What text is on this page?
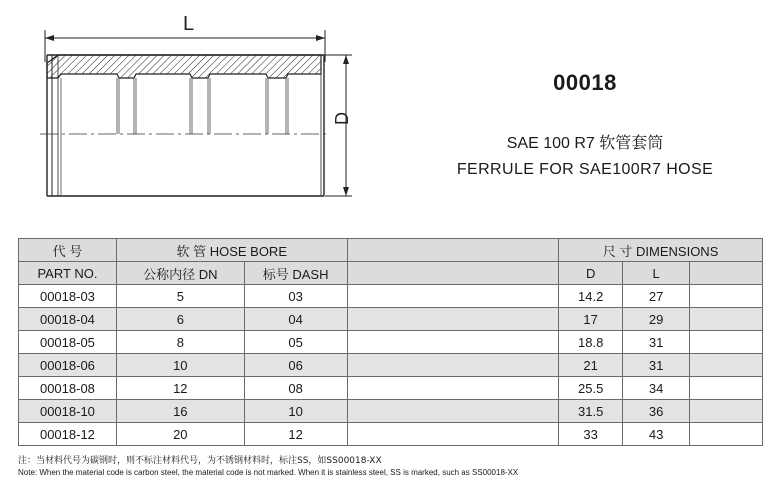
L
D
00018
SAE 100 R7 软管套筒
FERRULE FOR SAE100R7 HOSE
代 号	软 管 HOSE BORE			尺 寸 DIMENSIONS		
PART NO.	公称内径 DN	标号 DASH		D	L	
00018-03	5	03		14.2	27	
00018-04	6	04		17	29	
00018-05	8	05		18.8	31	
00018-06	10	06		21	31	
00018-08	12	08		25.5	34	
00018-10	16	10		31.5	36	
00018-12	20	12		33	43	
注：当材料代号为碳钢时，则不标注材料代号，为不锈钢材料时，标注SS，如SS00018-XX
Note: When the material code is carbon steel, the material code is not marked. When it is stainless steel, SS is marked, such as SS00018-XX
